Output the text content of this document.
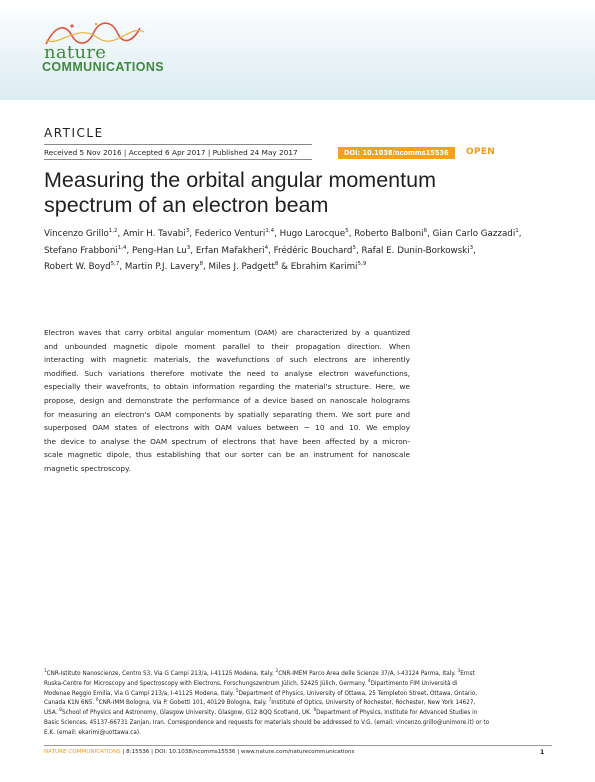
nature
COMMUNICATIONS
ARTICLE
Received 5 Nov 2016 | Accepted 6 Apr 2017 | Published 24 May 2017	DOI: 10.1038/ncomms15536	OPEN
Measuring the orbital angular momentum
spectrum of an electron beam
Vincenzo Grillo$^{1,2}$, Amir H. Tavabi$^3$, Federico Venturi$^{1,4}$, Hugo Larocque$^5$, Roberto Balboni$^6$, Gian Carlo Gazzadi$^1$,
Stefano Frabboni$^{1,4}$, Peng-Han Lu$^3$, Erfan Mafakheri$^4$, Frédéric Bouchard$^5$, Rafal E. Dunin-Borkowski$^3$,
Robert W. Boyd$^{5,7}$, Martin P.J. Lavery$^8$, Miles J. Padgett$^8$ & Ebrahim Karimi$^{5,9}$
Electron waves that carry orbital angular momentum (OAM) are characterized by a quantized
and unbounded magnetic dipole moment parallel to their propagation direction. When
interacting with magnetic materials, the wavefunctions of such electrons are inherently
modified. Such variations therefore motivate the need to analyse electron wavefunctions,
especially their wavefronts, to obtain information regarding the material's structure. Here, we
propose, design and demonstrate the performance of a device based on nanoscale holograms
for measuring an electron's OAM components by spatially separating them. We sort pure and
superposed OAM states of electrons with OAM values between − 10 and 10. We employ
the device to analyse the OAM spectrum of electrons that have been affected by a micron-
scale magnetic dipole, thus establishing that our sorter can be an instrument for nanoscale
magnetic spectroscopy.
$^1$CNR-Istituto Nanoscienze, Centro S3, Via G Campi 213/a, I-41125 Modena, Italy. $^2$CNR-IMEM Parco Area delle Scienze 37/A, I-43124 Parma, Italy. $^3$Ernst
Ruska-Centre for Microscopy and Spectroscopy with Electrons, Forschungszentrum Jülich, 52425 Jülich, Germany. $^4$Dipartimento FIM Università di
Modenae Reggio Emilia, Via G Campi 213/a, I-41125 Modena, Italy. $^5$Department of Physics, University of Ottawa, 25 Templeton Street, Ottawa, Ontario,
Canada K1N 6N5. $^6$CNR-IMM Bologna, Via P. Gobetti 101, 40129 Bologna, Italy. $^7$Institute of Optics, University of Rochester, Rochester, New York 14627,
USA. $^8$School of Physics and Astronomy, Glasgow University, Glasgow, G12 8QQ Scotland, UK. $^9$Department of Physics, Institute for Advanced Studies in
Basic Sciences, 45137-66731 Zanjan, Iran. Correspondence and requests for materials should be addressed to V.G. (email: vincenzo.grillo@unimore.it) or to
E.K. (email: ekarimi@uottawa.ca).
NATURE COMMUNICATIONS | 8:15536 | DOI: 10.1038/ncomms15536 | www.nature.com/naturecommunications	1
